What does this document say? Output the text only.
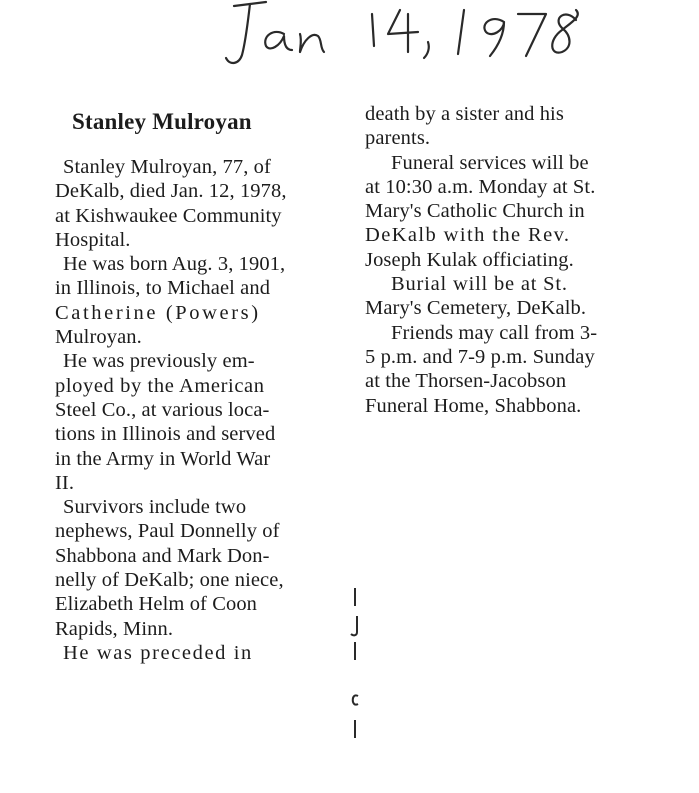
Stanley Mulroyan
Stanley Mulroyan, 77, of
DeKalb, died Jan. 12, 1978,
at Kishwaukee Community
Hospital.
He was born Aug. 3, 1901,
in Illinois, to Michael and
Catherine (Powers)
Mulroyan.
He was previously em-
ployed by the American
Steel Co., at various loca-
tions in Illinois and served
in the Army in World War
II.
Survivors include two
nephews, Paul Donnelly of
Shabbona and Mark Don-
nelly of DeKalb; one niece,
Elizabeth Helm of Coon
Rapids, Minn.
He was preceded in
death by a sister and his
parents.
Funeral services will be
at 10:30 a.m. Monday at St.
Mary's Catholic Church in
DeKalb with the Rev.
Joseph Kulak officiating.
Burial will be at St.
Mary's Cemetery, DeKalb.
Friends may call from 3-
5 p.m. and 7-9 p.m. Sunday
at the Thorsen-Jacobson
Funeral Home, Shabbona.
